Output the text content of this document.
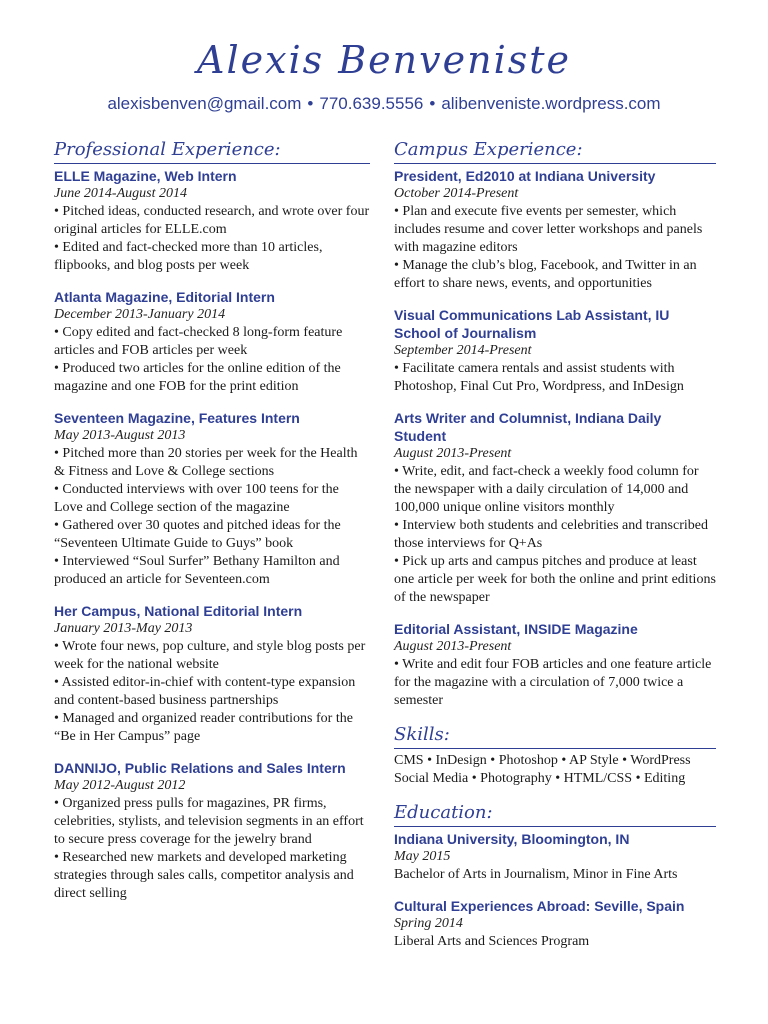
Alexis Benveniste
alexisbenven@gmail.com • 770.639.5556 • alibenveniste.wordpress.com
Professional Experience:
ELLE Magazine, Web Intern
June 2014-August 2014
• Pitched ideas, conducted research, and wrote over four original articles for ELLE.com
• Edited and fact-checked more than 10 articles, flipbooks, and blog posts per week
Atlanta Magazine, Editorial Intern
December 2013-January 2014
• Copy edited and fact-checked 8 long-form feature articles and FOB articles per week
• Produced two articles for the online edition of the magazine and one FOB for the print edition
Seventeen Magazine, Features Intern
May 2013-August 2013
• Pitched more than 20 stories per week for the Health & Fitness and Love & College sections
• Conducted interviews with over 100 teens for the Love and College section of the magazine
• Gathered over 30 quotes and pitched ideas for the “Seventeen Ultimate Guide to Guys” book
• Interviewed “Soul Surfer” Bethany Hamilton and produced an article for Seventeen.com
Her Campus, National Editorial Intern
January 2013-May 2013
• Wrote four news, pop culture, and style blog posts per week for the national website
• Assisted editor-in-chief with content-type expansion and content-based business partnerships
• Managed and organized reader contributions for the “Be in Her Campus” page
DANNIJO, Public Relations and Sales Intern
May 2012-August 2012
• Organized press pulls for magazines, PR firms, celebrities, stylists, and television segments in an effort to secure press coverage for the jewelry brand
• Researched new markets and developed marketing strategies through sales calls, competitor analysis and direct selling
Campus Experience:
President, Ed2010 at Indiana University
October 2014-Present
• Plan and execute five events per semester, which includes resume and cover letter workshops and panels with magazine editors
• Manage the club’s blog, Facebook, and Twitter in an effort to share news, events, and opportunities
Visual Communications Lab Assistant, IU School of Journalism
September 2014-Present
• Facilitate camera rentals and assist students with Photoshop, Final Cut Pro, Wordpress, and InDesign
Arts Writer and Columnist, Indiana Daily Student
August 2013-Present
• Write, edit, and fact-check a weekly food column for the newspaper with a daily circulation of 14,000 and 100,000 unique online visitors monthly
• Interview both students and celebrities and transcribed those interviews for Q+As
• Pick up arts and campus pitches and produce at least one article per week for both the online and print editions of the newspaper
Editorial Assistant, INSIDE Magazine
August 2013-Present
• Write and edit four FOB articles and one feature article for the magazine with a circulation of 7,000 twice a semester
Skills:
CMS • InDesign • Photoshop • AP Style • WordPress
Social Media • Photography • HTML/CSS • Editing
Education:
Indiana University, Bloomington, IN
May 2015
Bachelor of Arts in Journalism, Minor in Fine Arts
Cultural Experiences Abroad: Seville, Spain
Spring 2014
Liberal Arts and Sciences Program
